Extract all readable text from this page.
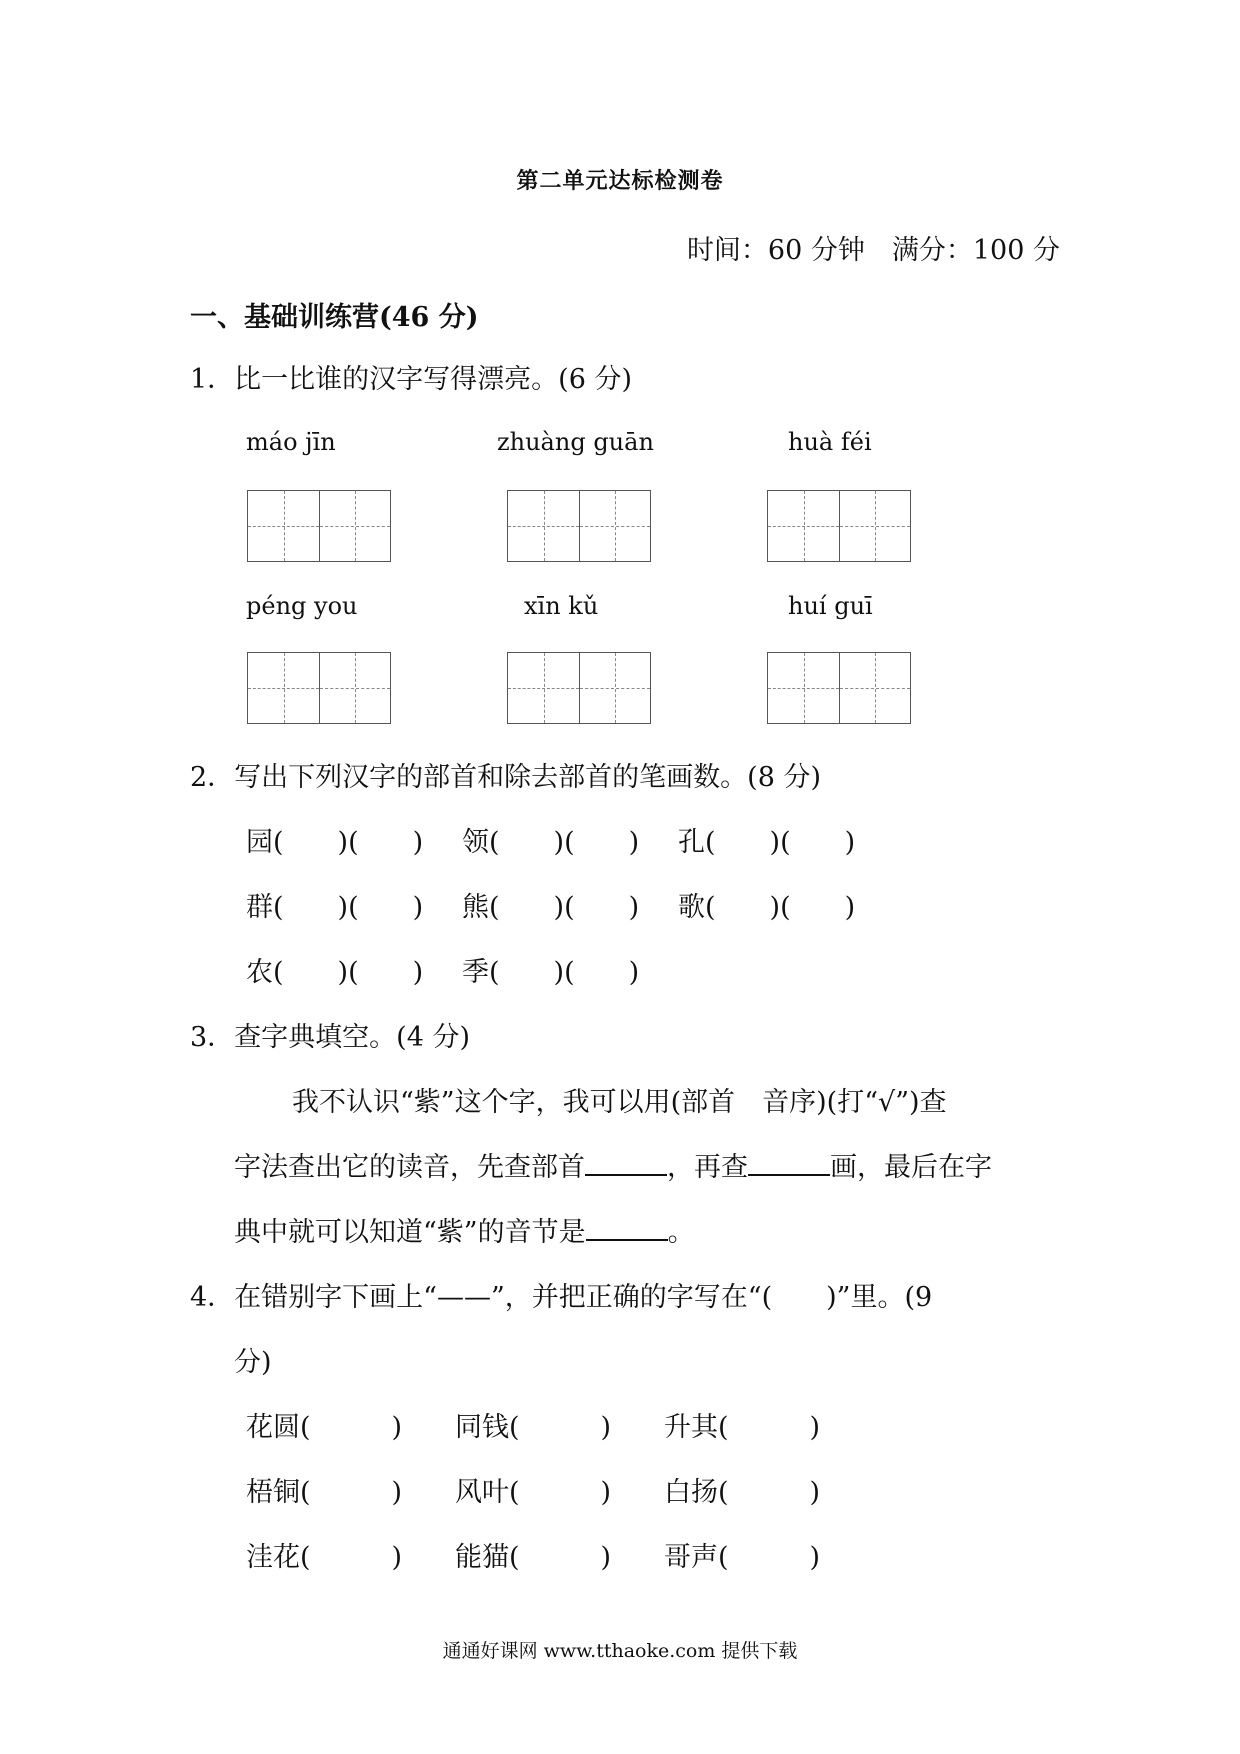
第二单元达标检测卷
时间：60 分钟　满分：100 分
一、基础训练营(46 分)
1．比一比谁的汉字写得漂亮。(6 分)
máo jīn	zhuàng guān	huà féi
péng you	xīn kǔ	huí guī
2．写出下列汉字的部首和除去部首的笔画数。(8 分)
园(　　)(　　) 领(　　)(　　) 孔(　　)(　　)
群(　　)(　　) 熊(　　)(　　) 歌(　　)(　　)
农(　　)(　　) 季(　　)(　　)
3．查字典填空。(4 分)
我不认识“紫”这个字，我可以用(部首　音序)(打“√”)查
字法查出它的读音，先查部首	，再查	画，最后在字
典中就可以知道“紫”的音节是	。
4．在错别字下画上“——”，并把正确的字写在“(　　)”里。(9
分)
花圆(　　　) 同钱(　　　) 升其(　　　)
梧铜(　　　) 风叶(　　　) 白扬(　　　)
洼花(　　　) 能猫(　　　) 哥声(　　　)
通通好课网 www.tthaoke.com 提供下载
